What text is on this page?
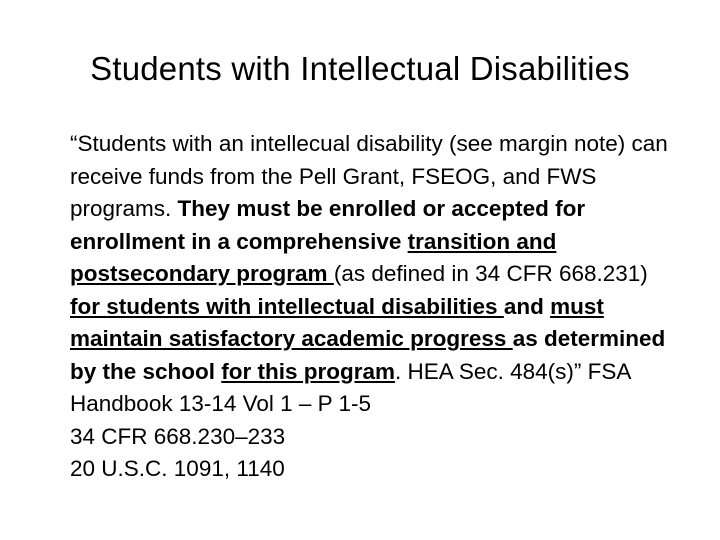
Students with Intellectual Disabilities

“Students with an intellecual disability (see margin note) can receive funds from the Pell Grant, FSEOG, and FWS programs. They must be enrolled or accepted for enrollment in a comprehensive transition and postsecondary program (as defined in 34 CFR 668.231) for students with intellectual disabilities and must maintain satisfactory academic progress as determined by the school for this program. HEA Sec. 484(s)” FSA Handbook 13-14 Vol 1 – P 1-5

34 CFR 668.230–233

20 U.S.C. 1091, 1140
